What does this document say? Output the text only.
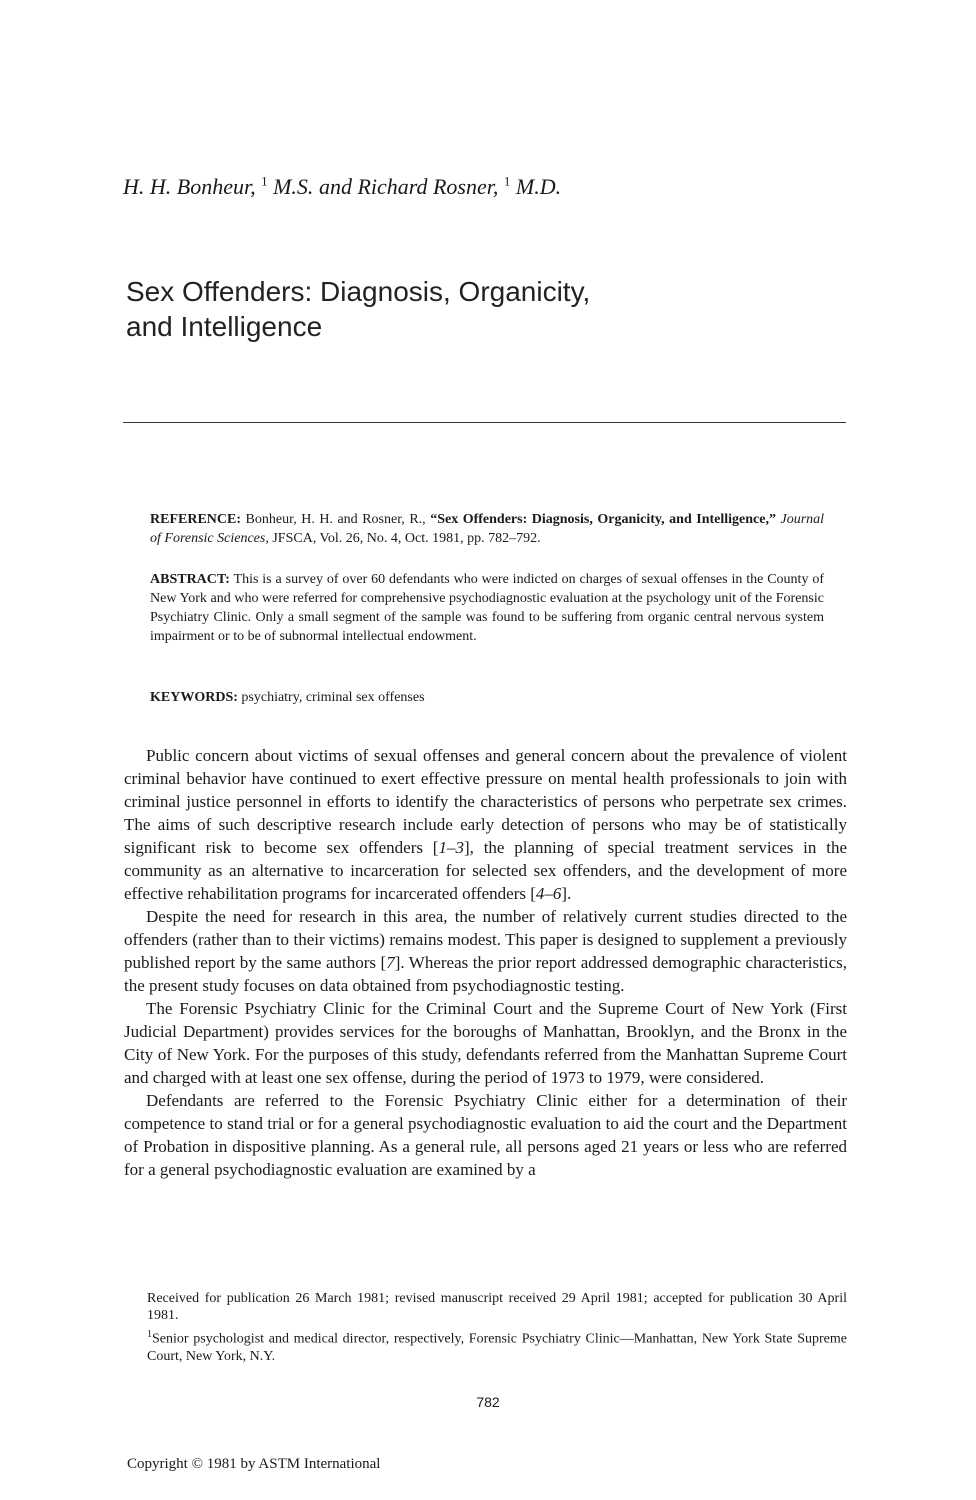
H. H. Bonheur, $^1$ M.S. and Richard Rosner, $^1$ M.D.
Sex Offenders: Diagnosis, Organicity,
and Intelligence
REFERENCE: Bonheur, H. H. and Rosner, R., “Sex Offenders: Diagnosis, Organicity, and Intelligence,” Journal of Forensic Sciences, JFSCA, Vol. 26, No. 4, Oct. 1981, pp. 782–792.
ABSTRACT: This is a survey of over 60 defendants who were indicted on charges of sexual offenses in the County of New York and who were referred for comprehensive psychodiagnostic evaluation at the psychology unit of the Forensic Psychiatry Clinic. Only a small segment of the sample was found to be suffering from organic central nervous system impairment or to be of subnormal intellectual endowment.
KEYWORDS: psychiatry, criminal sex offenses

Public concern about victims of sexual offenses and general concern about the prevalence of violent criminal behavior have continued to exert effective pressure on mental health professionals to join with criminal justice personnel in efforts to identify the characteristics of persons who perpetrate sex crimes. The aims of such descriptive research include early detection of persons who may be of statistically significant risk to become sex offenders [1–3], the planning of special treatment services in the community as an alternative to incarceration for selected sex offenders, and the development of more effective rehabilitation programs for incarcerated offenders [4–6].

Despite the need for research in this area, the number of relatively current studies directed to the offenders (rather than to their victims) remains modest. This paper is designed to supplement a previously published report by the same authors [7]. Whereas the prior report addressed demographic characteristics, the present study focuses on data obtained from psychodiagnostic testing.

The Forensic Psychiatry Clinic for the Criminal Court and the Supreme Court of New York (First Judicial Department) provides services for the boroughs of Manhattan, Brooklyn, and the Bronx in the City of New York. For the purposes of this study, defendants referred from the Manhattan Supreme Court and charged with at least one sex offense, during the period of 1973 to 1979, were considered.

Defendants are referred to the Forensic Psychiatry Clinic either for a determination of their competence to stand trial or for a general psychodiagnostic evaluation to aid the court and the Department of Probation in dispositive planning. As a general rule, all persons aged 21 years or less who are referred for a general psychodiagnostic evaluation are examined by a

Received for publication 26 March 1981; revised manuscript received 29 April 1981; accepted for publication 30 April 1981.

$^1$Senior psychologist and medical director, respectively, Forensic Psychiatry Clinic—Manhattan, New York State Supreme Court, New York, N.Y.

782
Copyright © 1981 by ASTM International
